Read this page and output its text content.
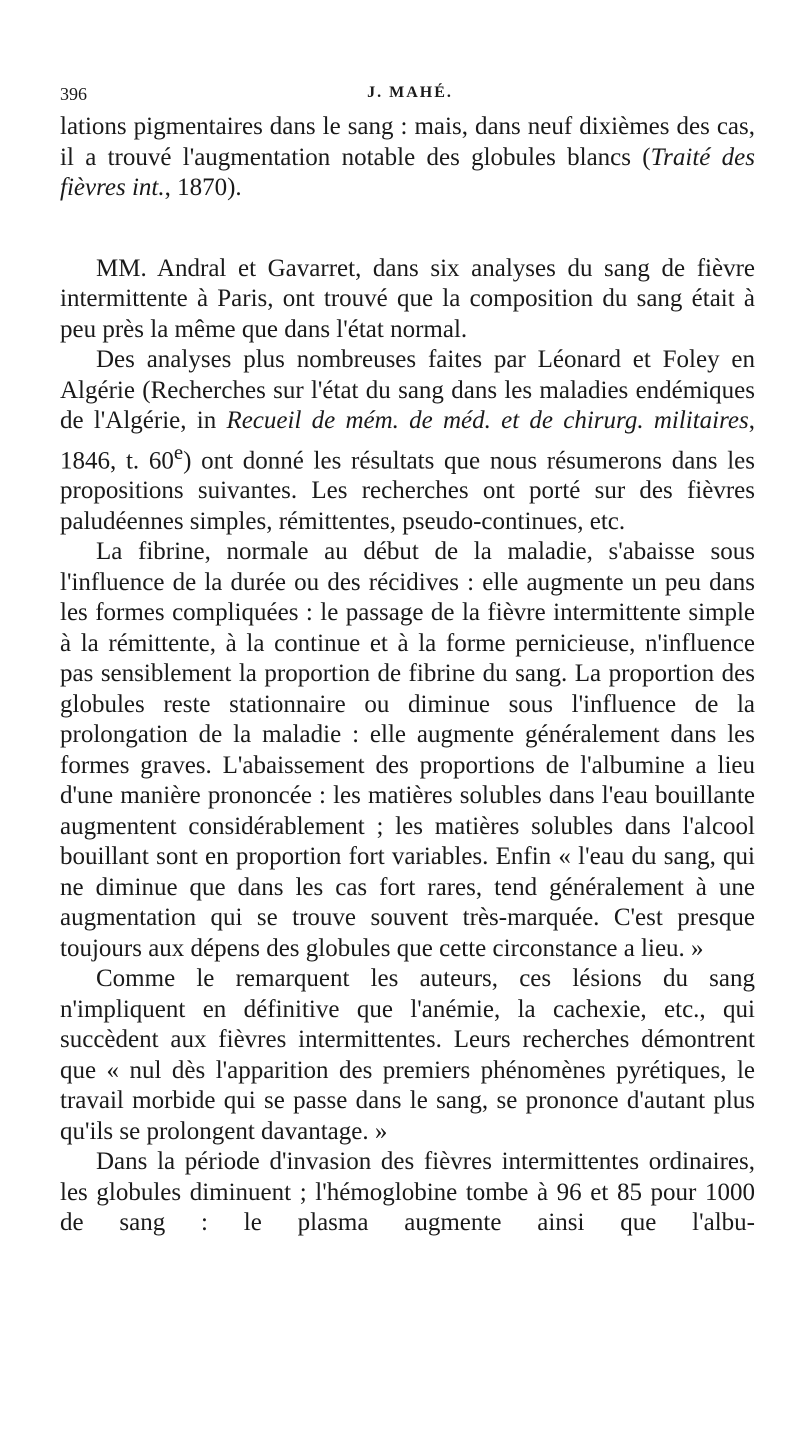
396	J. MAHÉ.

lations pigmentaires dans le sang : mais, dans neuf dixièmes des cas, il a trouvé l'augmentation notable des globules blancs (Traité des fièvres int., 1870).

MM. Andral et Gavarret, dans six analyses du sang de fièvre intermittente à Paris, ont trouvé que la composition du sang était à peu près la même que dans l'état normal.

Des analyses plus nombreuses faites par Léonard et Foley en Algérie (Recherches sur l'état du sang dans les maladies endémiques de l'Algérie, in Recueil de mém. de méd. et de chirurg. militaires, 1846, t. 60e) ont donné les résultats que nous résumerons dans les propositions suivantes. Les recherches ont porté sur des fièvres paludéennes simples, rémittentes, pseudo-continues, etc.

La fibrine, normale au début de la maladie, s'abaisse sous l'influence de la durée ou des récidives : elle augmente un peu dans les formes compliquées : le passage de la fièvre intermittente simple à la rémittente, à la continue et à la forme pernicieuse, n'influence pas sensiblement la proportion de fibrine du sang. La proportion des globules reste stationnaire ou diminue sous l'influence de la prolongation de la maladie : elle augmente généralement dans les formes graves. L'abaissement des proportions de l'albumine a lieu d'une manière prononcée : les matières solubles dans l'eau bouillante augmentent considérablement ; les matières solubles dans l'alcool bouillant sont en proportion fort variables. Enfin « l'eau du sang, qui ne diminue que dans les cas fort rares, tend généralement à une augmentation qui se trouve souvent très-marquée. C'est presque toujours aux dépens des globules que cette circonstance a lieu. »

Comme le remarquent les auteurs, ces lésions du sang n'impliquent en définitive que l'anémie, la cachexie, etc., qui succèdent aux fièvres intermittentes. Leurs recherches démontrent que « nul dès l'apparition des premiers phénomènes pyrétiques, le travail morbide qui se passe dans le sang, se prononce d'autant plus qu'ils se prolongent davantage. »

Dans la période d'invasion des fièvres intermittentes ordinaires, les globules diminuent ; l'hémoglobine tombe à 96 et 85 pour 1000 de sang : le plasma augmente ainsi que l'albu-
